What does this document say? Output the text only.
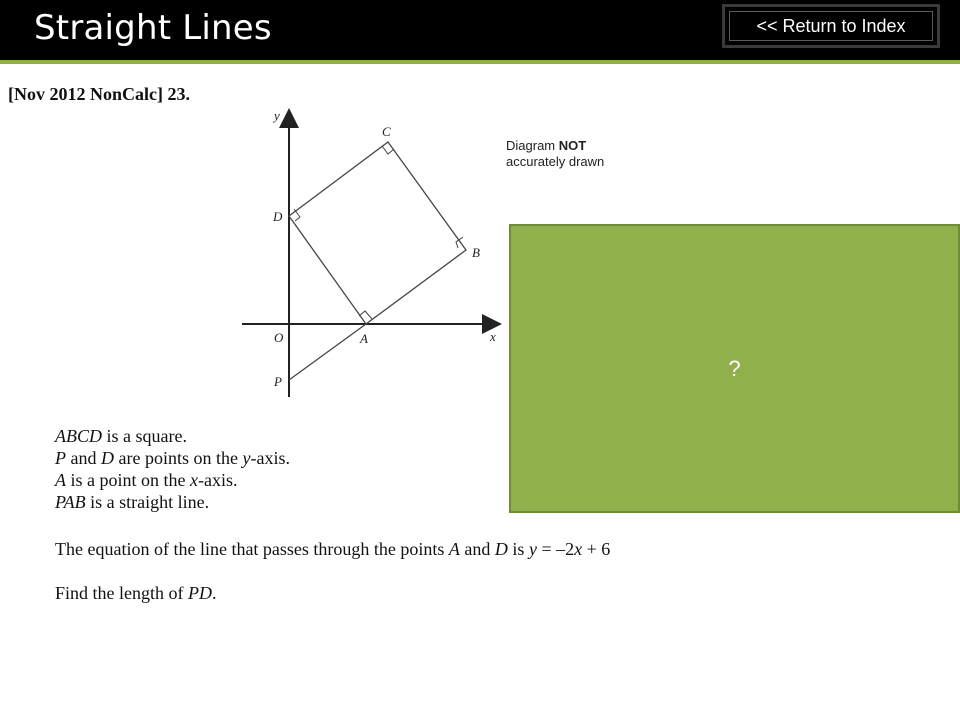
Straight Lines	<< Return to Index
[Nov 2012 NonCalc] 23.
y
C
D
B
O	A	x
P
Diagram NOT
accurately drawn
?
ABCD is a square.
P and D are points on the y-axis.
A is a point on the x-axis.
PAB is a straight line.
The equation of the line that passes through the points A and D is y = –2x + 6
Find the length of PD.
